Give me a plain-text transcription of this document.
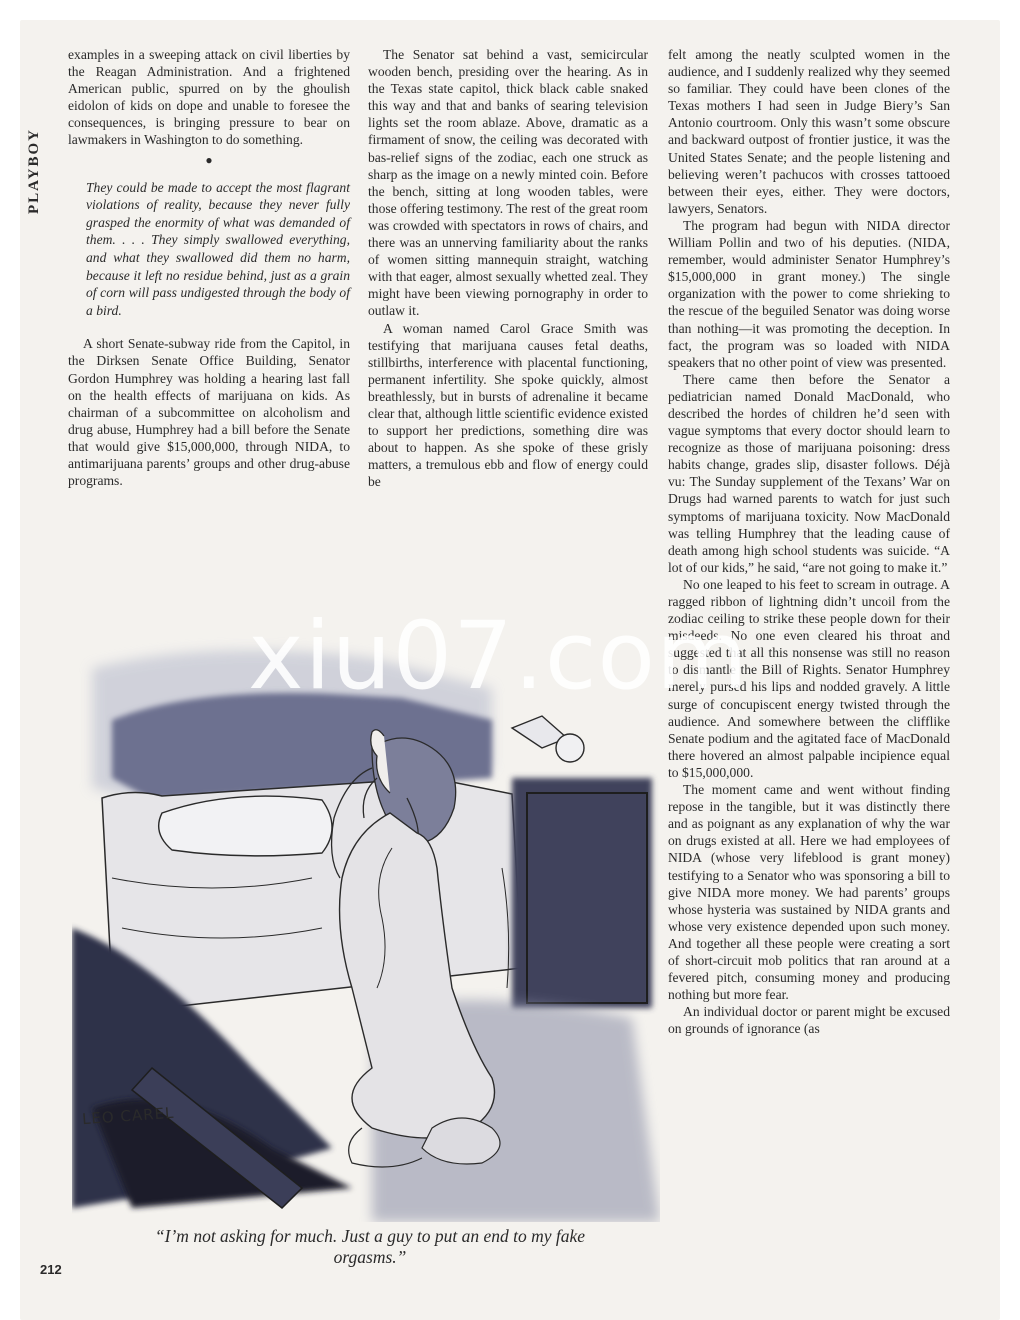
PLAYBOY

examples in a sweeping attack on civil liberties by the Reagan Administration. And a frightened American public, spurred on by the ghoulish eidolon of kids on dope and unable to foresee the consequences, is bringing pressure to bear on lawmakers in Washington to do something.

●

They could be made to accept the most flagrant violations of reality, because they never fully grasped the enormity of what was demanded of them. . . . They simply swallowed everything, and what they swallowed did them no harm, because it left no residue behind, just as a grain of corn will pass undigested through the body of a bird.

A short Senate-subway ride from the Capitol, in the Dirksen Senate Office Building, Senator Gordon Humphrey was holding a hearing last fall on the health effects of marijuana on kids. As chairman of a subcommittee on alcoholism and drug abuse, Humphrey had a bill before the Senate that would give $15,000,000, through NIDA, to antimarijuana parents’ groups and other drug-abuse programs.

The Senator sat behind a vast, semicircular wooden bench, presiding over the hearing. As in the Texas state capitol, thick black cable snaked this way and that and banks of searing television lights set the room ablaze. Above, dramatic as a firmament of snow, the ceiling was decorated with bas-relief signs of the zodiac, each one struck as sharp as the image on a newly minted coin. Before the bench, sitting at long wooden tables, were those offering testimony. The rest of the great room was crowded with spectators in rows of chairs, and there was an unnerving familiarity about the ranks of women sitting mannequin straight, watching with that eager, almost sexually whetted zeal. They might have been viewing pornography in order to outlaw it.

A woman named Carol Grace Smith was testifying that marijuana causes fetal deaths, stillbirths, interference with placental functioning, permanent infertility. She spoke quickly, almost breathlessly, but in bursts of adrenaline it became clear that, although little scientific evidence existed to support her predictions, something dire was about to happen. As she spoke of these grisly matters, a tremulous ebb and flow of energy could be

felt among the neatly sculpted women in the audience, and I suddenly realized why they seemed so familiar. They could have been clones of the Texas mothers I had seen in Judge Biery’s San Antonio courtroom. Only this wasn’t some obscure and backward outpost of frontier justice, it was the United States Senate; and the people listening and believing weren’t pachucos with crosses tattooed between their eyes, either. They were doctors, lawyers, Senators.

The program had begun with NIDA director William Pollin and two of his deputies. (NIDA, remember, would administer Senator Humphrey’s $15,000,000 in grant money.) The single organization with the power to come shrieking to the rescue of the beguiled Senator was doing worse than nothing—it was promoting the deception. In fact, the program was so loaded with NIDA speakers that no other point of view was presented.

There came then before the Senator a pediatrician named Donald MacDonald, who described the hordes of children he’d seen with vague symptoms that every doctor should learn to recognize as those of marijuana poisoning: dress habits change, grades slip, disaster follows. Déjà vu: The Sunday supplement of the Texans’ War on Drugs had warned parents to watch for just such symptoms of marijuana toxicity. Now MacDonald was telling Humphrey that the leading cause of death among high school students was suicide. “A lot of our kids,” he said, “are not going to make it.”

No one leaped to his feet to scream in outrage. A ragged ribbon of lightning didn’t uncoil from the zodiac ceiling to strike these people down for their misdeeds. No one even cleared his throat and suggested that all this nonsense was still no reason to dismantle the Bill of Rights. Senator Humphrey merely pursed his lips and nodded gravely. A little surge of concupiscent energy twisted through the audience. And somewhere between the clifflike Senate podium and the agitated face of MacDonald there hovered an almost palpable incipience equal to $15,000,000.

The moment came and went without finding repose in the tangible, but it was distinctly there and as poignant as any explanation of why the war on drugs existed at all. Here we had employees of NIDA (whose very lifeblood is grant money) testifying to a Senator who was sponsoring a bill to give NIDA more money. We had parents’ groups whose hysteria was sustained by NIDA grants and whose very existence depended upon such money. And together all these people were creating a sort of short-circuit mob politics that ran around at a fevered pitch, consuming money and producing nothing but more fear.

An individual doctor or parent might be excused on grounds of ignorance (as

LEO CAREL
xiu07.com
“I’m not asking for much. Just a guy to put an end to my fake orgasms.”
212
